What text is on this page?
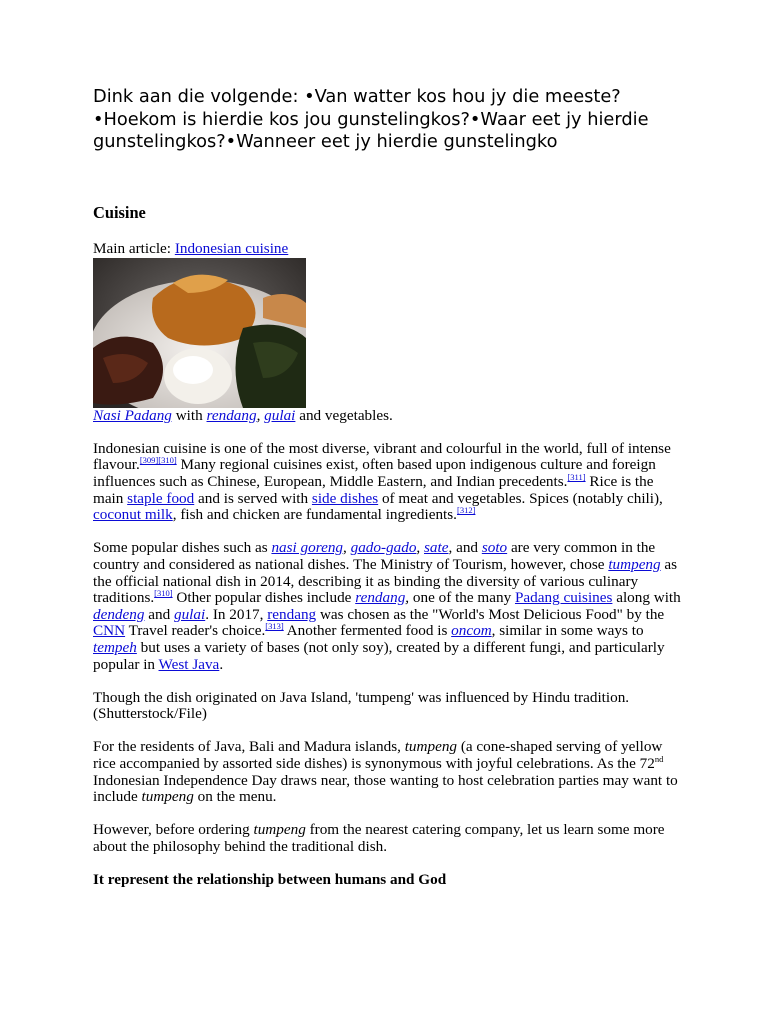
Dink aan die volgende: •Van watter kos hou jy die meeste? •Hoekom is hierdie kos jou gunstelingkos?•Waar eet jy hierdie gunstelingkos?•Wanneer eet jy hierdie gunstelingko

Cuisine
Main article: Indonesian cuisine

Nasi Padang with rendang, gulai and vegetables.

Indonesian cuisine is one of the most diverse, vibrant and colourful in the world, full of intense flavour.[309][310] Many regional cuisines exist, often based upon indigenous culture and foreign influences such as Chinese, European, Middle Eastern, and Indian precedents.[311] Rice is the main staple food and is served with side dishes of meat and vegetables. Spices (notably chili), coconut milk, fish and chicken are fundamental ingredients.[312]

Some popular dishes such as nasi goreng, gado-gado, sate, and soto are very common in the country and considered as national dishes. The Ministry of Tourism, however, chose tumpeng as the official national dish in 2014, describing it as binding the diversity of various culinary traditions.[310] Other popular dishes include rendang, one of the many Padang cuisines along with dendeng and gulai. In 2017, rendang was chosen as the "World's Most Delicious Food" by the CNN Travel reader's choice.[313] Another fermented food is oncom, similar in some ways to tempeh but uses a variety of bases (not only soy), created by a different fungi, and particularly popular in West Java.

Though the dish originated on Java Island, 'tumpeng' was influenced by Hindu tradition. (Shutterstock/File)

For the residents of Java, Bali and Madura islands, tumpeng (a cone-shaped serving of yellow rice accompanied by assorted side dishes) is synonymous with joyful celebrations. As the 72nd Indonesian Independence Day draws near, those wanting to host celebration parties may want to include tumpeng on the menu.

However, before ordering tumpeng from the nearest catering company, let us learn some more about the philosophy behind the traditional dish.

It represent the relationship between humans and God
